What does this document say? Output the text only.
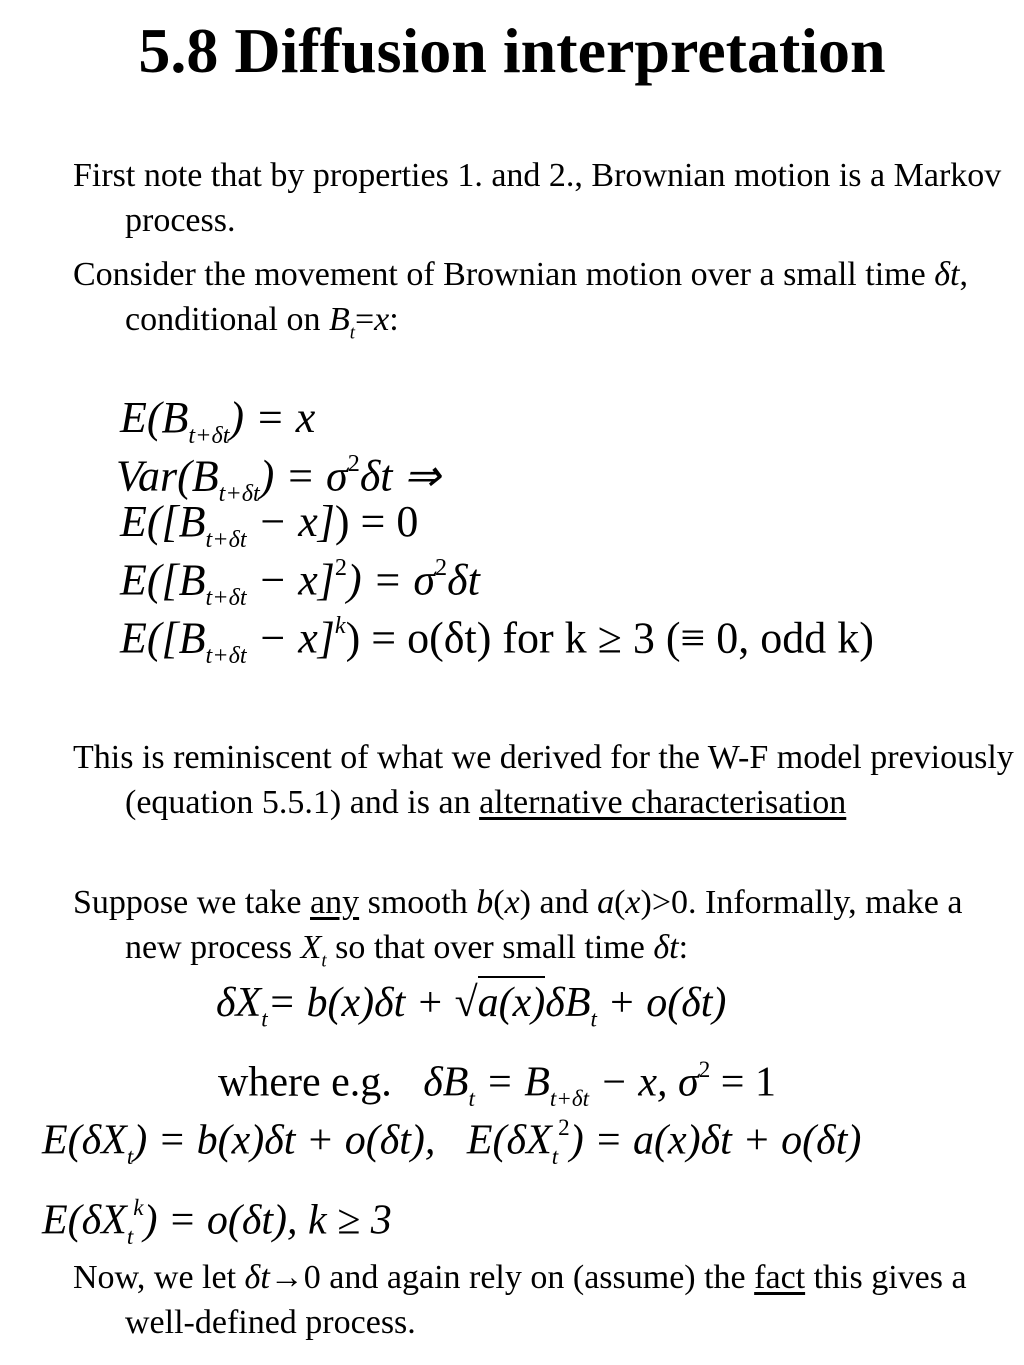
5.8 Diffusion interpretation
First note that by properties 1. and 2., Brownian motion is a Markov process.
Consider the movement of Brownian motion over a small time δt, conditional on $B_t=x$:
$E(B_{t+\delta t}) = x$
$Var(B_{t+\delta t}) = \sigma^2\delta t$ ⇒
$E([B_{t+\delta t} - x]) = 0$
$E([B_{t+\delta t} - x]^2) = \sigma^2\delta t$
$E([B_{t+\delta t} - x]^k) = o(\delta t)$ for k ≥ 3 (≡ 0, odd k)
This is reminiscent of what we derived for the W-F model previously (equation 5.5.1) and is an alternative characterisation
Suppose we take any smooth b(x) and a(x)>0. Informally, make a new process $X_t$ so that over small time δt:
$\delta X_t= b(x)\delta t + √a(x)\delta B_t + o(\delta t)$
where e.g. $\delta B_t = B_{t+\delta t} - x$, $\sigma^2 = 1$
$E(\delta X_t) = b(x)\delta t + o(\delta t)$, $E(\delta X_t^2) = a(x)\delta t + o(\delta t)$
$E(\delta X_t^k) = o(\delta t)$, k ≥ 3
Now, we let δt→0 and again rely on (assume) the fact this gives a well-defined process.
